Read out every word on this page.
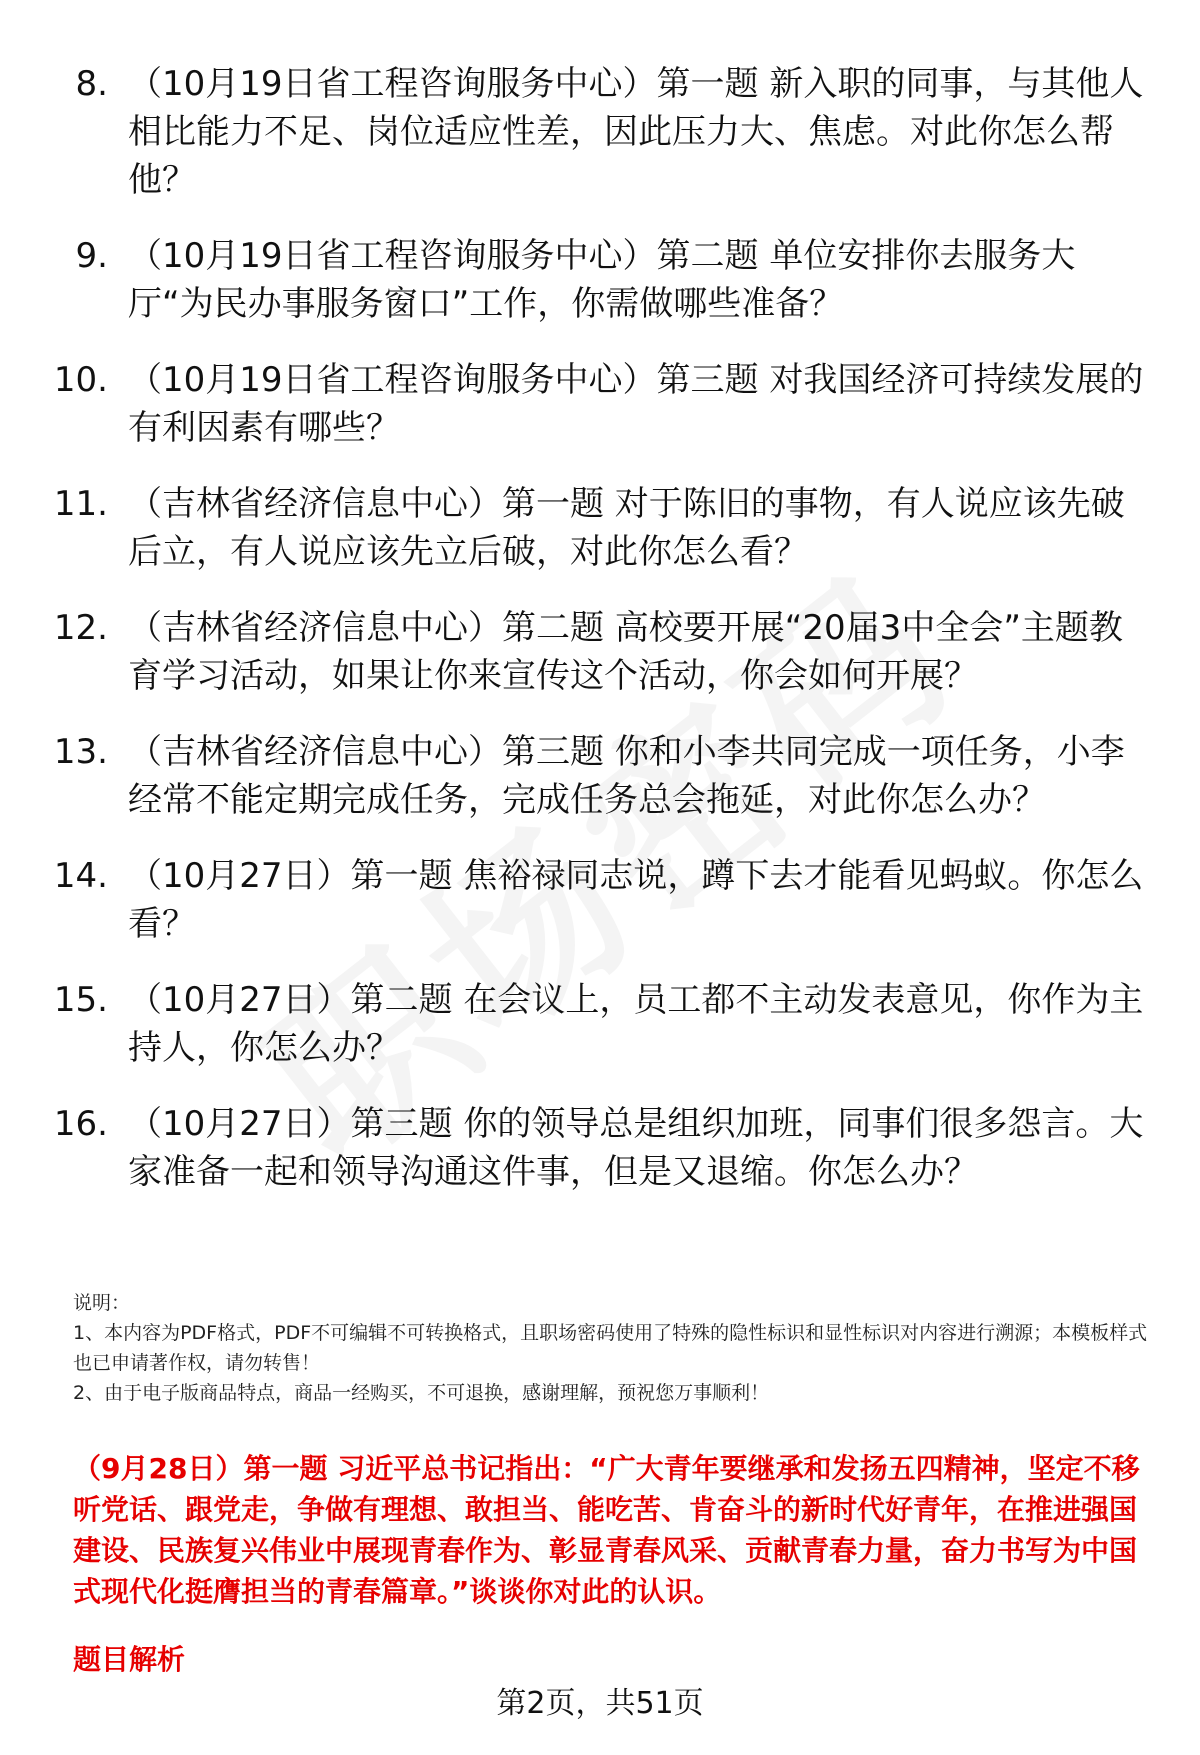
8. （10月19日省工程咨询服务中心）第一题 新入职的同事，与其他人相比能力不足、岗位适应性差，因此压力大、焦虑。对此你怎么帮他？
9. （10月19日省工程咨询服务中心）第二题 单位安排你去服务大厅“为民办事服务窗口”工作，你需做哪些准备？
10. （10月19日省工程咨询服务中心）第三题 对我国经济可持续发展的有利因素有哪些？
11. （吉林省经济信息中心）第一题 对于陈旧的事物，有人说应该先破后立，有人说应该先立后破，对此你怎么看？
12. （吉林省经济信息中心）第二题 高校要开展“20届3中全会”主题教育学习活动，如果让你来宣传这个活动，你会如何开展？
13. （吉林省经济信息中心）第三题 你和小李共同完成一项任务，小李经常不能定期完成任务，完成任务总会拖延，对此你怎么办？
14. （10月27日）第一题 焦裕禄同志说，蹲下去才能看见蚂蚁。你怎么看？
15. （10月27日）第二题 在会议上，员工都不主动发表意见，你作为主持人，你怎么办？
16. （10月27日）第三题 你的领导总是组织加班，同事们很多怨言。大家准备一起和领导沟通这件事，但是又退缩。你怎么办？

说明：

1、本内容为PDF格式，PDF不可编辑不可转换格式，且职场密码使用了特殊的隐性标识和显性标识对内容进行溯源；本模板样式也已申请著作权，请勿转售！

2、由于电子版商品特点，商品一经购买，不可退换，感谢理解，预祝您万事顺利！

（9月28日）第一题 习近平总书记指出：“广大青年要继承和发扬五四精神，坚定不移听党话、跟党走，争做有理想、敢担当、能吃苦、肯奋斗的新时代好青年，在推进强国建设、民族复兴伟业中展现青春作为、彰显青春风采、贡献青春力量，奋力书写为中国式现代化挺膺担当的青春篇章。”谈谈你对此的认识。

题目解析

第2页，共51页
